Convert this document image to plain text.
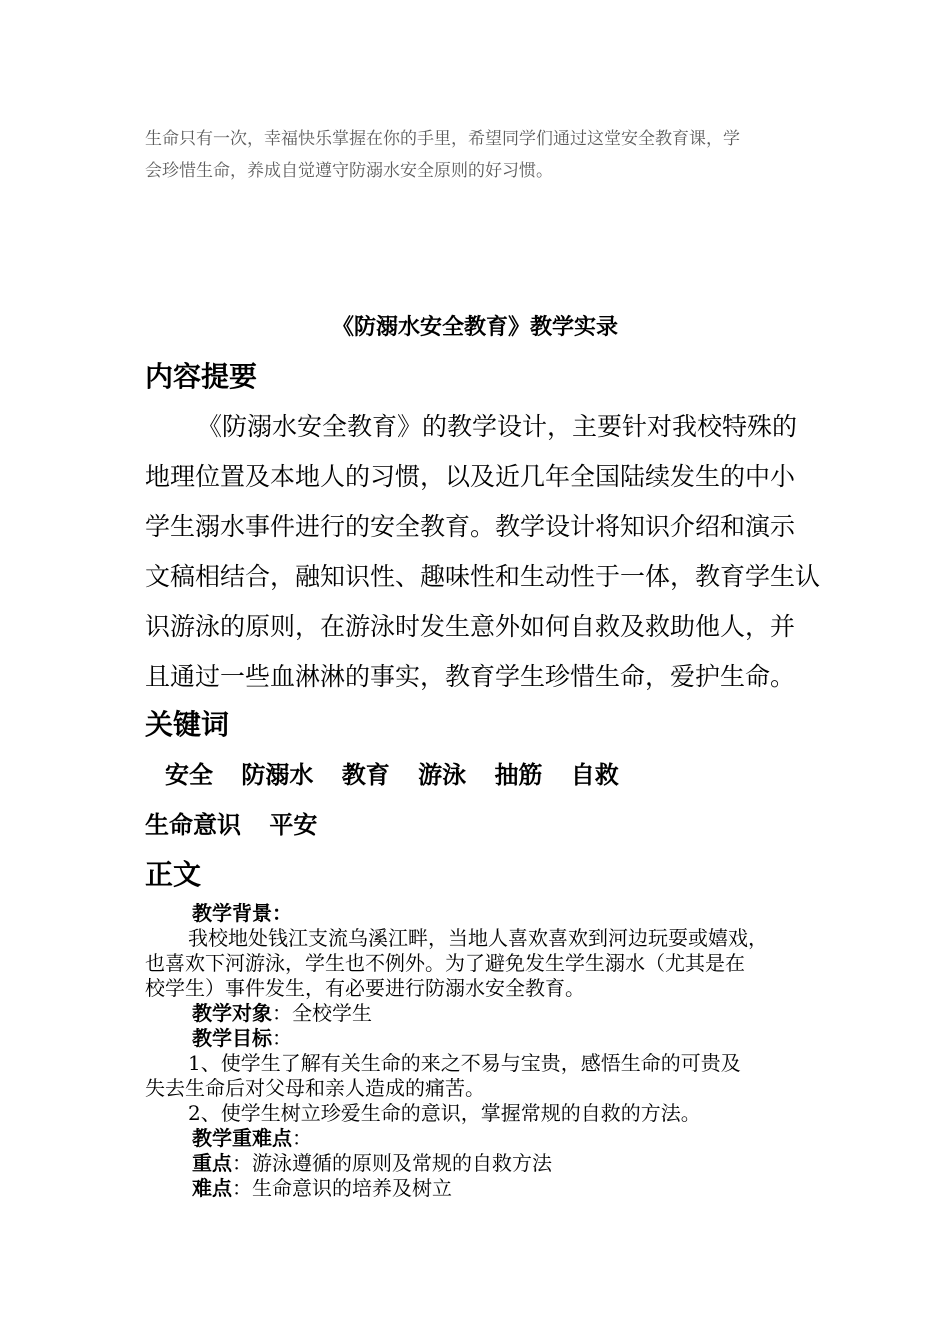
生命只有一次，幸福快乐掌握在你的手里，希望同学们通过这堂安全教育课，学
会珍惜生命，养成自觉遵守防溺水安全原则的好习惯。

《防溺水安全教育》教学实录
内容提要
《防溺水安全教育》的教学设计，主要针对我校特殊的
地理位置及本地人的习惯，以及近几年全国陆续发生的中小
学生溺水事件进行的安全教育。教学设计将知识介绍和演示
文稿相结合，融知识性、趣味性和生动性于一体，教育学生认
识游泳的原则，在游泳时发生意外如何自救及救助他人，并
且通过一些血淋淋的事实，教育学生珍惜生命，爱护生命。
关键词
安全 防溺水 教育 游泳 抽筋 自救
生命意识 平安
正文
教学背景：
我校地处钱江支流乌溪江畔，当地人喜欢喜欢到河边玩耍或嬉戏，
也喜欢下河游泳，学生也不例外。为了避免发生学生溺水（尤其是在
校学生）事件发生，有必要进行防溺水安全教育。
教学对象：全校学生
教学目标：
1、使学生了解有关生命的来之不易与宝贵，感悟生命的可贵及
失去生命后对父母和亲人造成的痛苦。
2、使学生树立珍爱生命的意识，掌握常规的自救的方法。
教学重难点：
重点：游泳遵循的原则及常规的自救方法
难点：生命意识的培养及树立
